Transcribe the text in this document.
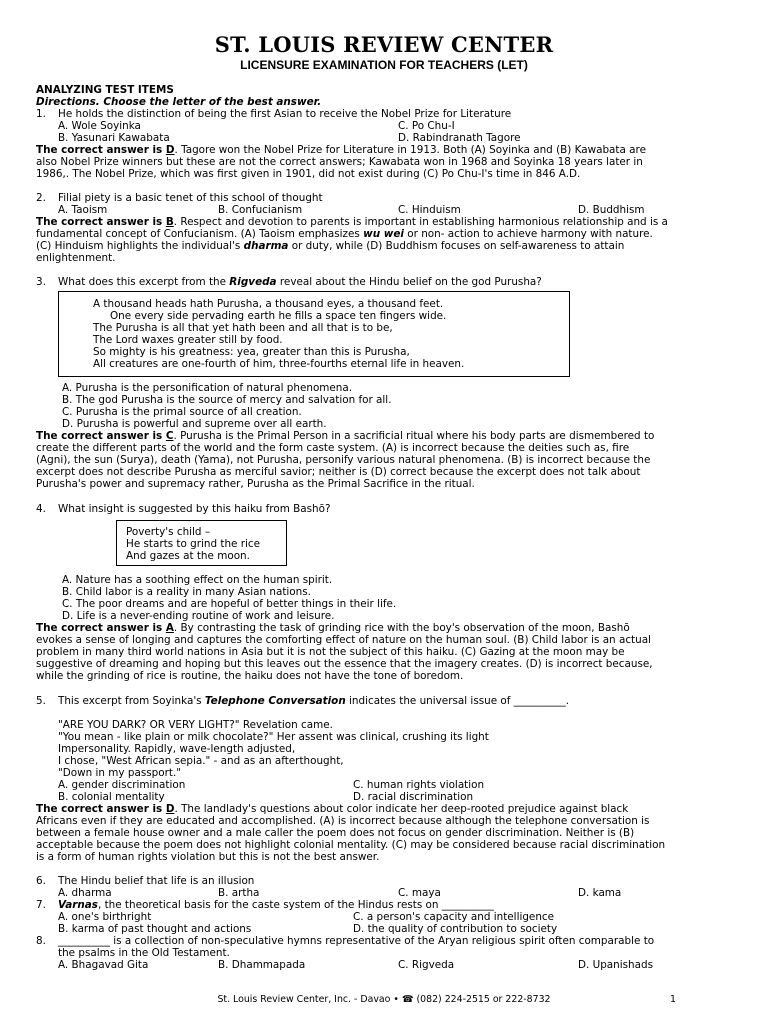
ST. LOUIS REVIEW CENTER
LICENSURE EXAMINATION FOR TEACHERS (LET)
ANALYZING TEST ITEMS
Directions. Choose the letter of the best answer.
1. He holds the distinction of being the first Asian to receive the Nobel Prize for Literature
A. Wole Soyinka	C. Po Chu-I
B. Yasunari Kawabata	D. Rabindranath Tagore
The correct answer is D. Tagore won the Nobel Prize for Literature in 1913. Both (A) Soyinka and (B) Kawabata are
also Nobel Prize winners but these are not the correct answers; Kawabata won in 1968 and Soyinka 18 years later in
1986,. The Nobel Prize, which was first given in 1901, did not exist during (C) Po Chu-I's time in 846 A.D.
2. Filial piety is a basic tenet of this school of thought
A. Taoism	B. Confucianism	C. Hinduism	D. Buddhism
The correct answer is B. Respect and devotion to parents is important in establishing harmonious relationship and is a
fundamental concept of Confucianism. (A) Taoism emphasizes wu wei or non- action to achieve harmony with nature.
(C) Hinduism highlights the individual's dharma or duty, while (D) Buddhism focuses on self-awareness to attain
enlightenment.
3. What does this excerpt from the Rigveda reveal about the Hindu belief on the god Purusha?
A thousand heads hath Purusha, a thousand eyes, a thousand feet.
One every side pervading earth he fills a space ten fingers wide.
The Purusha is all that yet hath been and all that is to be,
The Lord waxes greater still by food.
So mighty is his greatness: yea, greater than this is Purusha,
All creatures are one-fourth of him, three-fourths eternal life in heaven.
A. Purusha is the personification of natural phenomena.
B. The god Purusha is the source of mercy and salvation for all.
C. Purusha is the primal source of all creation.
D. Purusha is powerful and supreme over all earth.
The correct answer is C. Purusha is the Primal Person in a sacrificial ritual where his body parts are dismembered to
create the different parts of the world and the form caste system. (A) is incorrect because the deities such as, fire
(Agni), the sun (Surya), death (Yama), not Purusha, personify various natural phenomena. (B) is incorrect because the
excerpt does not describe Purusha as merciful savior; neither is (D) correct because the excerpt does not talk about
Purusha's power and supremacy rather, Purusha as the Primal Sacrifice in the ritual.
4. What insight is suggested by this haiku from Bashō?
Poverty's child –
He starts to grind the rice
And gazes at the moon.
A. Nature has a soothing effect on the human spirit.
B. Child labor is a reality in many Asian nations.
C. The poor dreams and are hopeful of better things in their life.
D. Life is a never-ending routine of work and leisure.
The correct answer is A. By contrasting the task of grinding rice with the boy's observation of the moon, Bashō
evokes a sense of longing and captures the comforting effect of nature on the human soul. (B) Child labor is an actual
problem in many third world nations in Asia but it is not the subject of this haiku. (C) Gazing at the moon may be
suggestive of dreaming and hoping but this leaves out the essence that the imagery creates. (D) is incorrect because,
while the grinding of rice is routine, the haiku does not have the tone of boredom.
5. This excerpt from Soyinka's Telephone Conversation indicates the universal issue of __________.
"ARE YOU DARK? OR VERY LIGHT?" Revelation came.
"You mean - like plain or milk chocolate?" Her assent was clinical, crushing its light
Impersonality. Rapidly, wave-length adjusted,
I chose, "West African sepia." - and as an afterthought,
"Down in my passport."
A. gender discrimination	C. human rights violation
B. colonial mentality	D. racial discrimination
The correct answer is D. The landlady's questions about color indicate her deep-rooted prejudice against black
Africans even if they are educated and accomplished. (A) is incorrect because although the telephone conversation is
between a female house owner and a male caller the poem does not focus on gender discrimination. Neither is (B)
acceptable because the poem does not highlight colonial mentality. (C) may be considered because racial discrimination
is a form of human rights violation but this is not the best answer.
6. The Hindu belief that life is an illusion
A. dharma	B. artha	C. maya	D. kama
7. Varnas, the theoretical basis for the caste system of the Hindus rests on __________
A. one's birthright	C. a person's capacity and intelligence
B. karma of past thought and actions	D. the quality of contribution to society
8. __________ is a collection of non-speculative hymns representative of the Aryan religious spirit often comparable to
the psalms in the Old Testament.
A. Bhagavad Gita	B. Dhammapada	C. Rigveda	D. Upanishads
St. Louis Review Center, Inc. - Davao • ☎ (082) 224-2515 or 222-8732	1
